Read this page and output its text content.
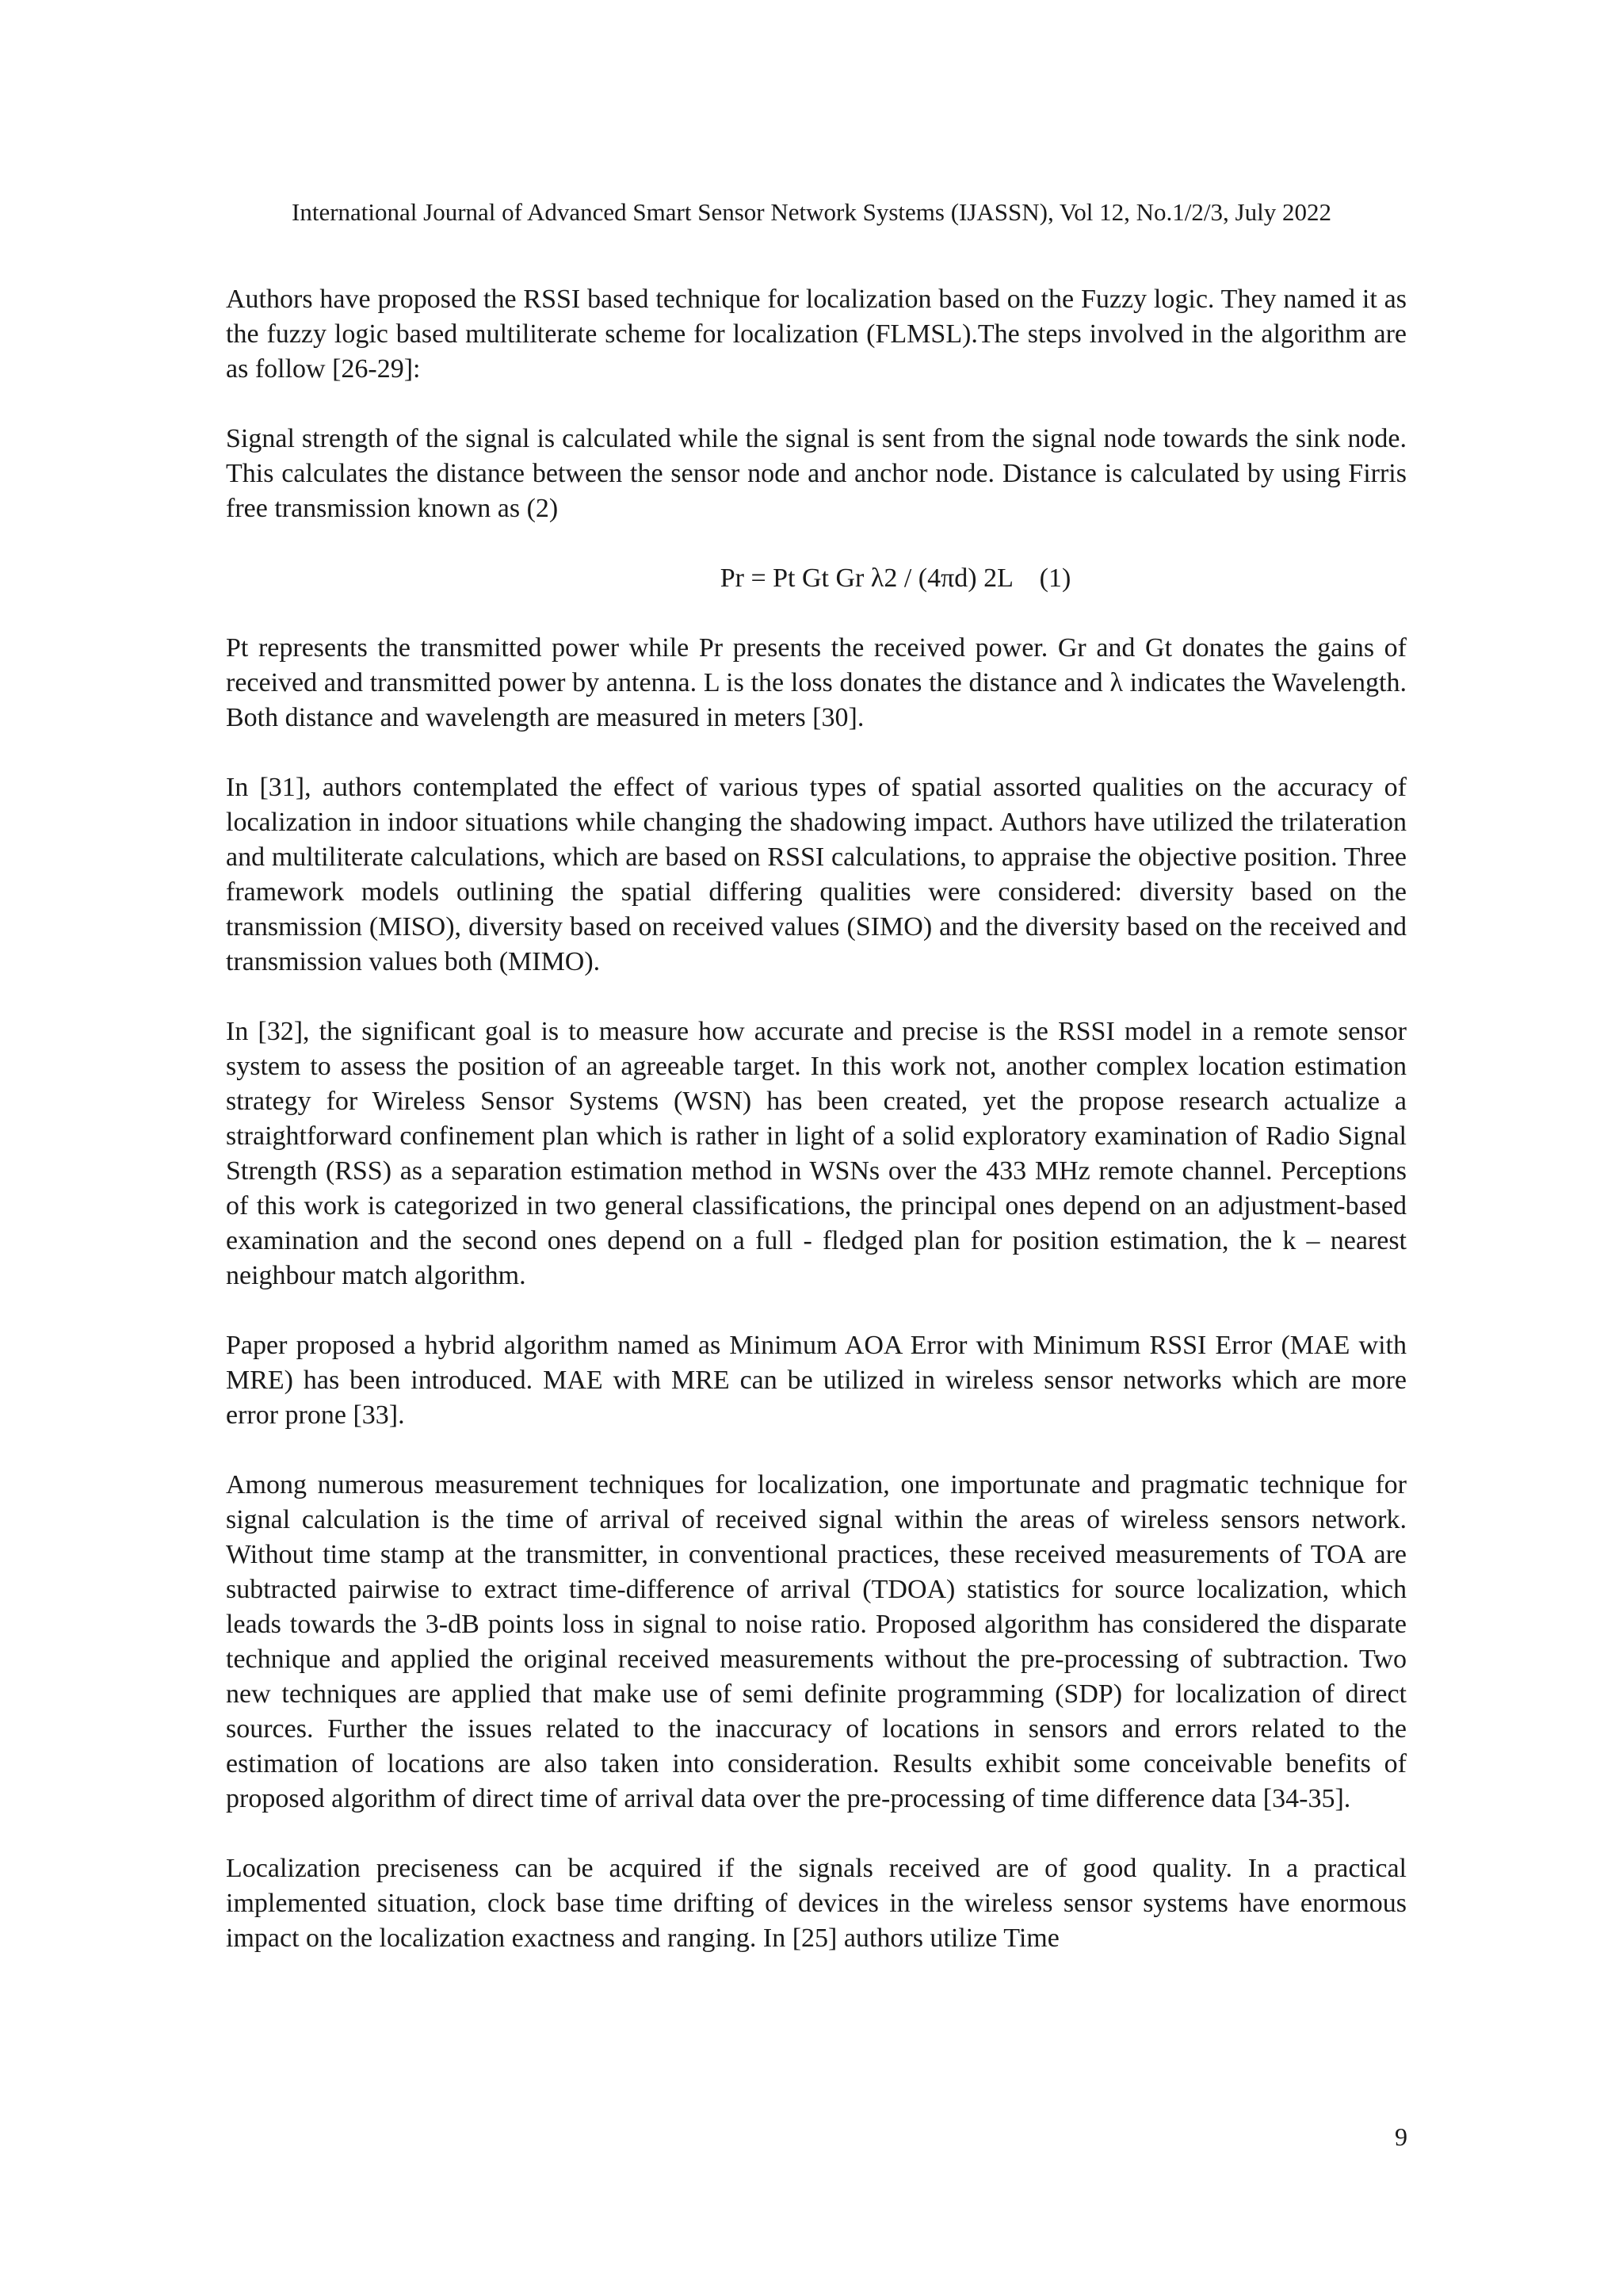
International Journal of Advanced Smart Sensor Network Systems (IJASSN), Vol 12, No.1/2/3, July 2022

Authors have proposed the RSSI based technique for localization based on the Fuzzy logic. They named it as the fuzzy logic based multiliterate scheme for localization (FLMSL).The steps involved in the algorithm are as follow [26-29]:

Signal strength of the signal is calculated while the signal is sent from the signal node towards the sink node. This calculates the distance between the sensor node and anchor node. Distance is calculated by using Firris free transmission known as (2)

Pr = Pt Gt Gr λ2 / (4πd) 2L    (1)

Pt represents the transmitted power while Pr presents the received power. Gr and Gt donates the gains of received and transmitted power by antenna. L is the loss donates the distance and λ indicates the Wavelength. Both distance and wavelength are measured in meters [30].

In [31], authors contemplated the effect of various types of spatial assorted qualities on the accuracy of localization in indoor situations while changing the shadowing impact. Authors have utilized the trilateration and multiliterate calculations, which are based on RSSI calculations, to appraise the objective position. Three framework models outlining the spatial differing qualities were considered: diversity based on the transmission (MISO), diversity based on received values (SIMO) and the diversity based on the received and transmission values both (MIMO).

In [32], the significant goal is to measure how accurate and precise is the RSSI model in a remote sensor system to assess the position of an agreeable target. In this work not, another complex location estimation strategy for Wireless Sensor Systems (WSN) has been created, yet the propose research actualize a straightforward confinement plan which is rather in light of a solid exploratory examination of Radio Signal Strength (RSS) as a separation estimation method in WSNs over the 433 MHz remote channel. Perceptions of this work is categorized in two general classifications, the principal ones depend on an adjustment-based examination and the second ones depend on a full - fledged plan for position estimation, the k – nearest neighbour match algorithm.

Paper proposed a hybrid algorithm named as Minimum AOA Error with Minimum RSSI Error (MAE with MRE) has been introduced. MAE with MRE can be utilized in wireless sensor networks which are more error prone [33].

Among numerous measurement techniques for localization, one importunate and pragmatic technique for signal calculation is the time of arrival of received signal within the areas of wireless sensors network. Without time stamp at the transmitter, in conventional practices, these received measurements of TOA are subtracted pairwise to extract time-difference of arrival (TDOA) statistics for source localization, which leads towards the 3-dB points loss in signal to noise ratio. Proposed algorithm has considered the disparate technique and applied the original received measurements without the pre-processing of subtraction. Two new techniques are applied that make use of semi definite programming (SDP) for localization of direct sources. Further the issues related to the inaccuracy of locations in sensors and errors related to the estimation of locations are also taken into consideration. Results exhibit some conceivable benefits of proposed algorithm of direct time of arrival data over the pre-processing of time difference data [34-35].

Localization preciseness can be acquired if the signals received are of good quality. In a practical implemented situation, clock base time drifting of devices in the wireless sensor systems have enormous impact on the localization exactness and ranging. In [25] authors utilize Time

9
